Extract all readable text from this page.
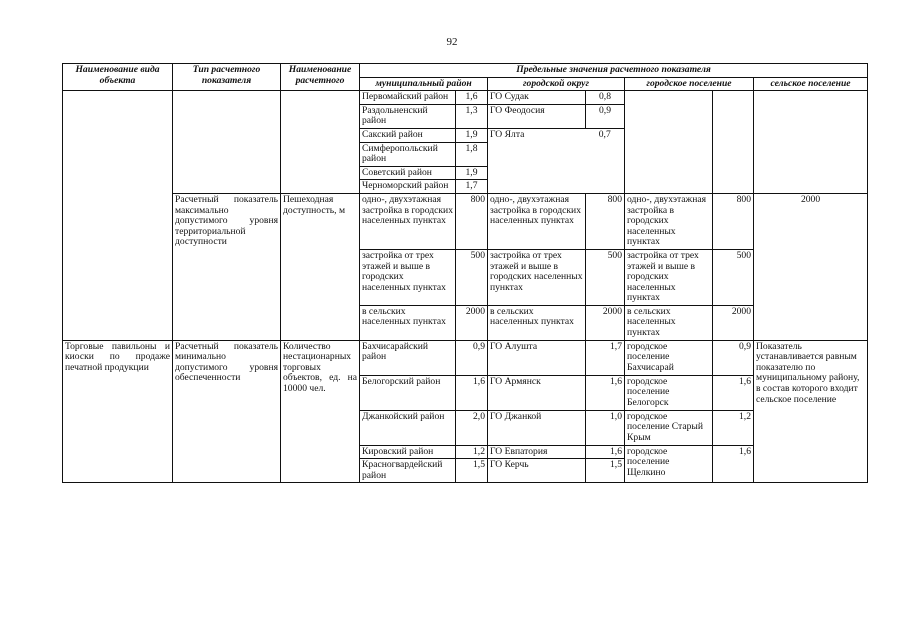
92
Наименование вида объекта	Тип расчетного показателя	Наименование расчетного	Предельные значения расчетного показателя						
			муниципальный район		городской округ		городское поселение		сельское поселение
			Первомайский район	1,6	ГО Судак	0,8			
			Раздольненский район	1,3	ГО Феодосия	0,9			
			Сакский район	1,9	ГО Ялта	0,7			
			Симферопольский район	1,8					
			Советский район	1,9					
			Черноморский район	1,7					
	Расчетный показатель максимально допустимого уровня территориальной доступности	Пешеходная доступность, м	одно-, двухэтажная застройка в городских населенных пунктах	800	одно-, двухэтажная застройка в городских населенных пунктах	800	одно-, двухэтажная застройка в городских населенных пунктах	800	2000
			застройка от трех этажей и выше в городских населенных пунктах	500	застройка от трех этажей и выше в городских населенных пунктах	500	застройка от трех этажей и выше в городских населенных пунктах	500	
			в сельских населенных пунктах	2000	в сельских населенных пунктах	2000	в сельских населенных пунктах	2000	
Торговые павильоны и киоски по продаже печатной продукции	Расчетный показатель минимально допустимого уровня обеспеченности	Количество нестационарных торговых объектов, ед. на 10000 чел.	Бахчисарайский район	0,9	ГО Алушта	1,7	городское поселение Бахчисарай	0,9	Показатель устанавливается равным показателю по муниципальному району, в состав которого входит сельское поселение
			Белогорский район	1,6	ГО Армянск	1,6	городское поселение Белогорск	1,6	
			Джанкойский район	2,0	ГО Джанкой	1,0	городское поселение Старый Крым	1,2	
			Кировский район	1,2	ГО Евпатория	1,6	городское поселение Щелкино	1,6	
			Красногвардейский район	1,5	ГО Керчь	1,5			
